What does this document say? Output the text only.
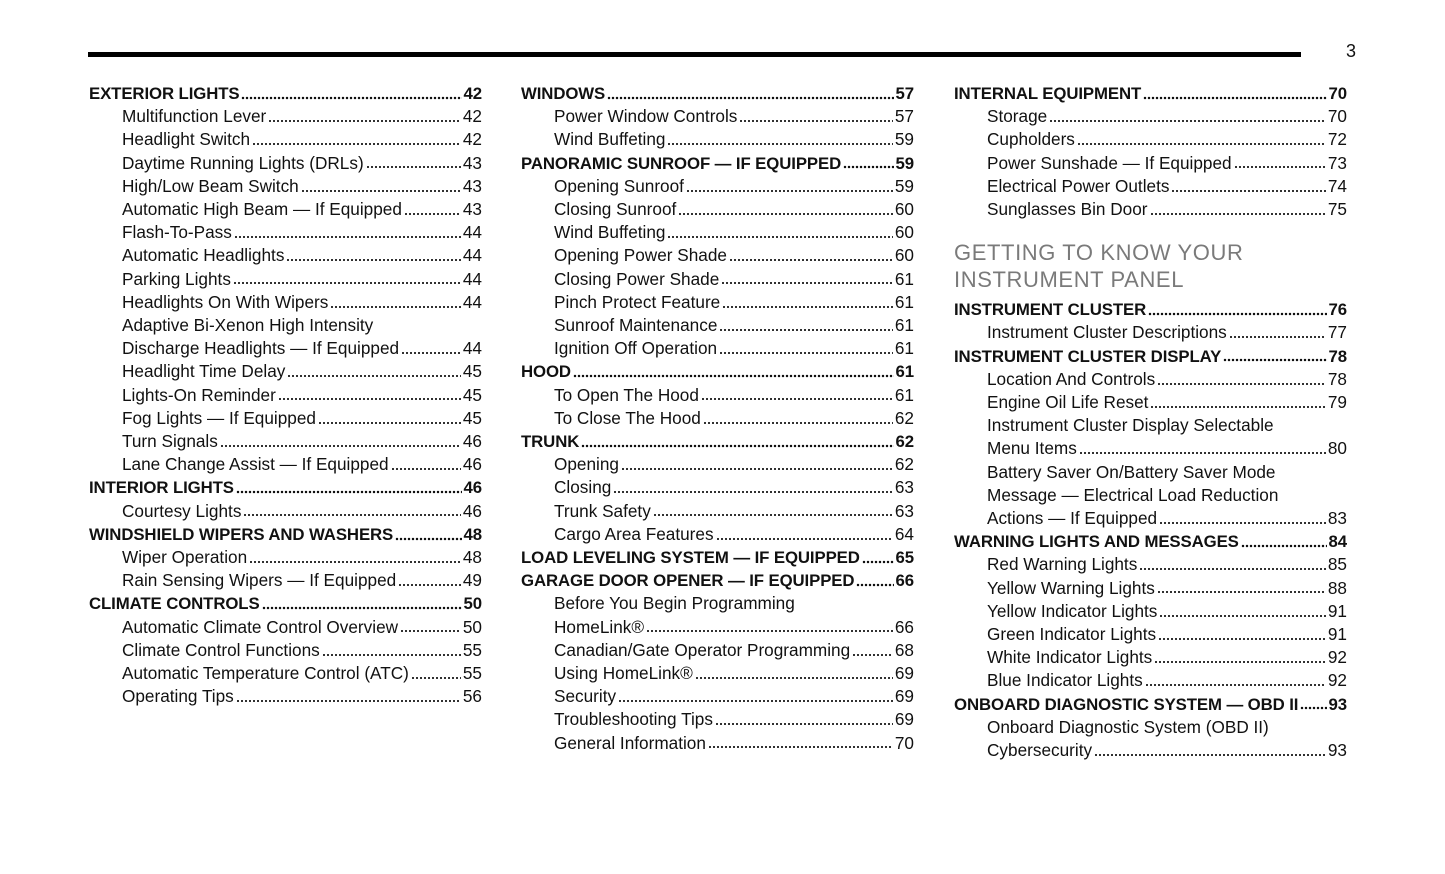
3
EXTERIOR LIGHTS	42
Multifunction Lever	42
Headlight Switch	42
Daytime Running Lights (DRLs)	43
High/Low Beam Switch	43
Automatic High Beam — If Equipped	43
Flash-To-Pass	44
Automatic Headlights	44
Parking Lights	44
Headlights On With Wipers	44
Adaptive Bi-Xenon High Intensity
Discharge Headlights — If Equipped	44
Headlight Time Delay	45
Lights-On Reminder	45
Fog Lights — If Equipped	45
Turn Signals	46
Lane Change Assist — If Equipped	46
INTERIOR LIGHTS	46
Courtesy Lights	46
WINDSHIELD WIPERS AND WASHERS	48
Wiper Operation	48
Rain Sensing Wipers — If Equipped	49
CLIMATE CONTROLS	50
Automatic Climate Control Overview	50
Climate Control Functions	55
Automatic Temperature Control (ATC)	55
Operating Tips	56
WINDOWS	57
Power Window Controls	57
Wind Buffeting	59
PANORAMIC SUNROOF — IF EQUIPPED	59
Opening Sunroof	59
Closing Sunroof	60
Wind Buffeting	60
Opening Power Shade	60
Closing Power Shade	61
Pinch Protect Feature	61
Sunroof Maintenance	61
Ignition Off Operation	61
HOOD	61
To Open The Hood	61
To Close The Hood	62
TRUNK	62
Opening	62
Closing	63
Trunk Safety	63
Cargo Area Features	64
LOAD LEVELING SYSTEM — IF EQUIPPED 65
GARAGE DOOR OPENER — IF EQUIPPED 66
Before You Begin Programming
HomeLink®	66
Canadian/Gate Operator Programming	68
Using HomeLink®	69
Security	69
Troubleshooting Tips	69
General Information	70
INTERNAL EQUIPMENT	70
Storage	70
Cupholders	72
Power Sunshade — If Equipped	73
Electrical Power Outlets	74
Sunglasses Bin Door	75
GETTING TO KNOW YOUR
INSTRUMENT PANEL
INSTRUMENT CLUSTER	76
Instrument Cluster Descriptions	77
INSTRUMENT CLUSTER DISPLAY	78
Location And Controls	78
Engine Oil Life Reset	79
Instrument Cluster Display Selectable
Menu Items	80
Battery Saver On/Battery Saver Mode
Message — Electrical Load Reduction
Actions — If Equipped	83
WARNING LIGHTS AND MESSAGES	84
Red Warning Lights	85
Yellow Warning Lights	88
Yellow Indicator Lights	91
Green Indicator Lights	91
White Indicator Lights	92
Blue Indicator Lights	92
ONBOARD DIAGNOSTIC SYSTEM — OBD II 93
Onboard Diagnostic System (OBD II)
Cybersecurity	93
